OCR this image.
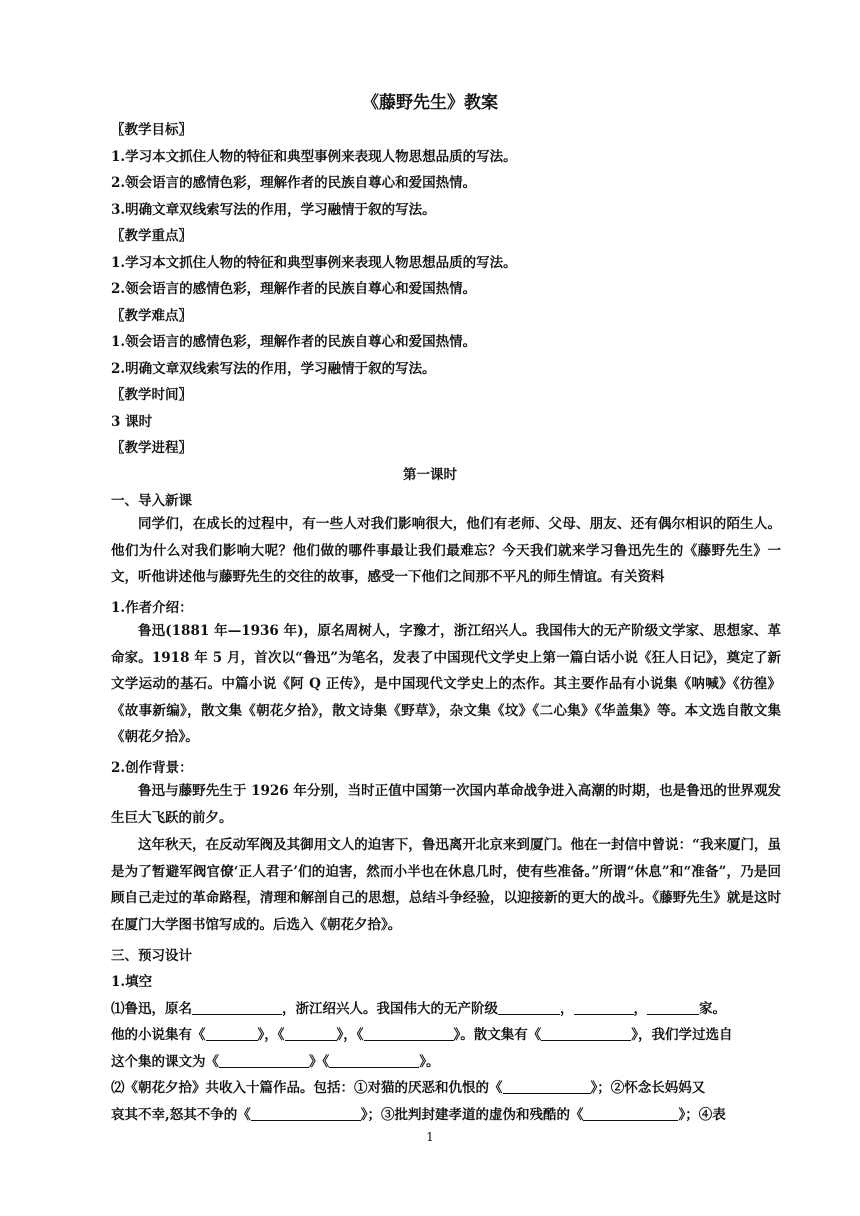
《藤野先生》教案
〖教学目标〗
1.学习本文抓住人物的特征和典型事例来表现人物思想品质的写法。
2.领会语言的感情色彩，理解作者的民族自尊心和爱国热情。
3.明确文章双线索写法的作用，学习融情于叙的写法。
〖教学重点〗
1.学习本文抓住人物的特征和典型事例来表现人物思想品质的写法。
2.领会语言的感情色彩，理解作者的民族自尊心和爱国热情。
〖教学难点〗
1.领会语言的感情色彩，理解作者的民族自尊心和爱国热情。
2.明确文章双线索写法的作用，学习融情于叙的写法。
〖教学时间〗
3 课时
〖教学进程〗
第一课时
一、导入新课
同学们，在成长的过程中，有一些人对我们影响很大，他们有老师、父母、朋友、还有偶尔相识的陌生人。他们为什么对我们影响大呢？他们做的哪件事最让我们最难忘？今天我们就来学习鲁迅先生的《藤野先生》一文，听他讲述他与藤野先生的交往的故事，感受一下他们之间那不平凡的师生情谊。有关资料
1.作者介绍：
鲁迅(1881 年—1936 年)，原名周树人，字豫才，浙江绍兴人。我国伟大的无产阶级文学家、思想家、革命家。1918 年 5 月，首次以“鲁迅”为笔名，发表了中国现代文学史上第一篇白话小说《狂人日记》，奠定了新文学运动的基石。中篇小说《阿 Q 正传》，是中国现代文学史上的杰作。其主要作品有小说集《呐喊》《彷徨》《故事新编》，散文集《朝花夕拾》，散文诗集《野草》，杂文集《坟》《二心集》《华盖集》等。本文选自散文集《朝花夕拾》。
2.创作背景：
鲁迅与藤野先生于 1926 年分别，当时正值中国第一次国内革命战争进入高潮的时期，也是鲁迅的世界观发生巨大飞跃的前夕。
这年秋天，在反动军阀及其御用文人的迫害下，鲁迅离开北京来到厦门。他在一封信中曾说：“我来厦门，虽是为了暂避军阀官僚‘正人君子’们的迫害，然而小半也在休息几时，使有些准备。”所谓“休息”和“准备”，乃是回顾自己走过的革命路程，清理和解剖自己的思想，总结斗争经验，以迎接新的更大的战斗。《藤野先生》就是这时在厦门大学图书馆写成的。后选入《朝花夕拾》。
三、预习设计
1.填空
⑴鲁迅，原名	，浙江绍兴人。我国伟大的无产阶级	，	，	家。
他的小说集有《	》，《	》，《	》。散文集有《	》，我们学过选自
这个集的课文为《	》《	》。
⑵《朝花夕拾》共收入十篇作品。包括：①对猫的厌恶和仇恨的《	》；②怀念长妈妈又
哀其不幸,怒其不争的《	》；③批判封建孝道的虚伪和残酷的《	》；④表
1
